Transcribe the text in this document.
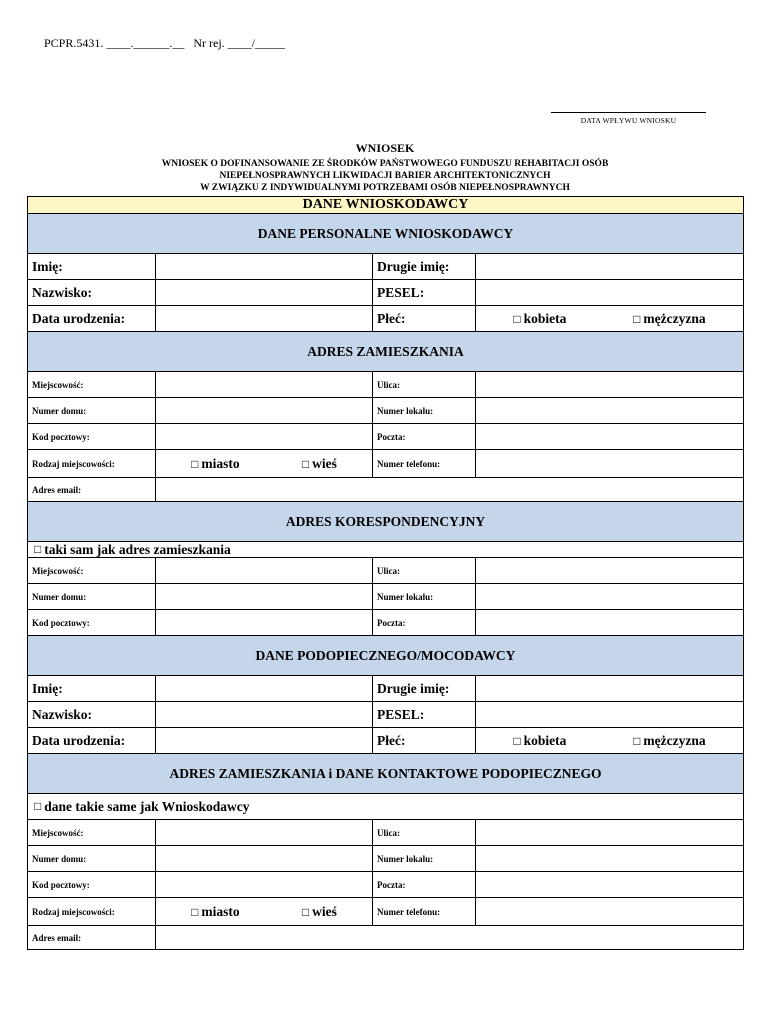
PCPR.5431. ____.______.__   Nr rej. ____/_____
DATA WPŁYWU WNIOSKU
WNIOSEK
WNIOSEK O DOFINANSOWANIE ZE ŚRODKÓW PAŃSTWOWEGO FUNDUSZU REHABITACJI OSÓB
NIEPEŁNOSPRAWNYCH LIKWIDACJI BARIER ARCHITEKTONICZNYCH
W ZWIĄZKU Z INDYWIDUALNYMI POTRZEBAMI OSÓB NIEPEŁNOSPRAWNYCH
DANE WNIOSKODAWCY
DANE PERSONALNE WNIOSKODAWCY
Imię:	Drugie imię:
Nazwisko:	PESEL:
Data urodzenia:	Płeć:	□ kobieta	□ mężczyzna
ADRES ZAMIESZKANIA
Miejscowość:	Ulica:
Numer domu:	Numer lokalu:
Kod pocztowy:	Poczta:
Rodzaj miejscowości:	□ miasto	□ wieś	Numer telefonu:
Adres email:
ADRES KORESPONDENCYJNY
□ taki sam jak adres zamieszkania
Miejscowość:	Ulica:
Numer domu:	Numer lokalu:
Kod pocztowy:	Poczta:
DANE PODOPIECZNEGO/MOCODAWCY
Imię:	Drugie imię:
Nazwisko:	PESEL:
Data urodzenia:	Płeć:	□ kobieta	□ mężczyzna
ADRES ZAMIESZKANIA i DANE KONTAKTOWE PODOPIECZNEGO
□ dane takie same jak Wnioskodawcy
Miejscowość:	Ulica:
Numer domu:	Numer lokalu:
Kod pocztowy:	Poczta:
Rodzaj miejscowości:	□ miasto	□ wieś	Numer telefonu:
Adres email:
